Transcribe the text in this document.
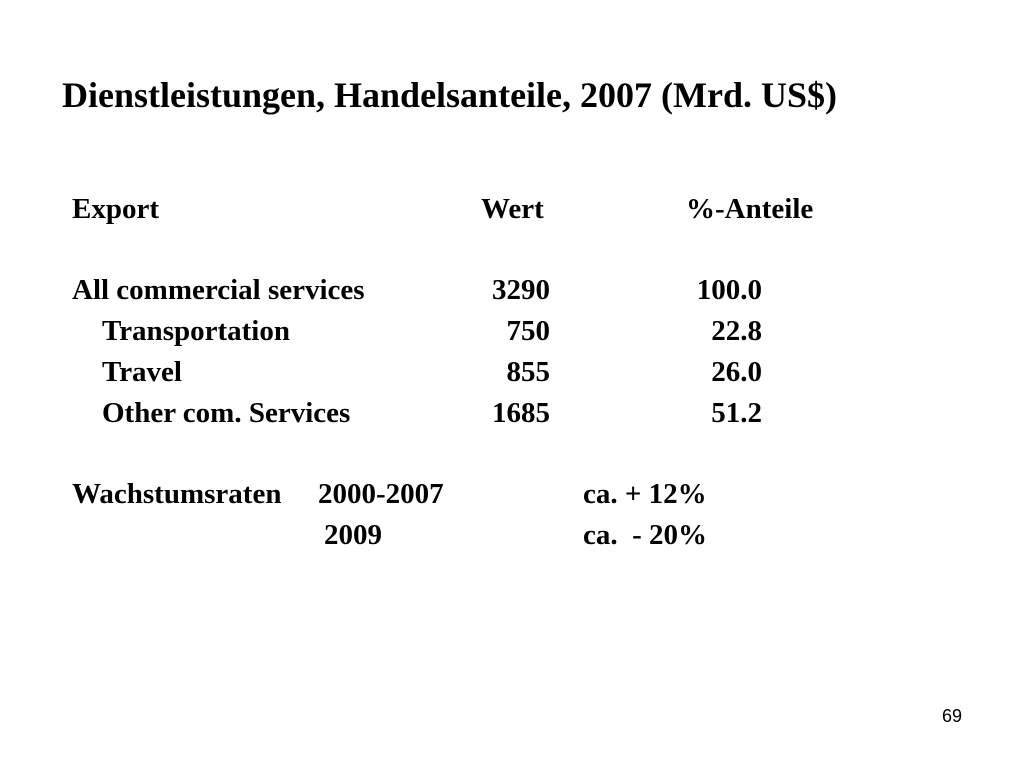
Dienstleistungen, Handelsanteile, 2007 (Mrd. US$)
Export	Wert	%-Anteile
All commercial services	3290	100.0
Transportation	750	22.8
Travel	855	26.0
Other com. Services	1685	51.2
Wachstumsraten 2000-2007	ca. + 12%
2009	ca.  - 20%
69
